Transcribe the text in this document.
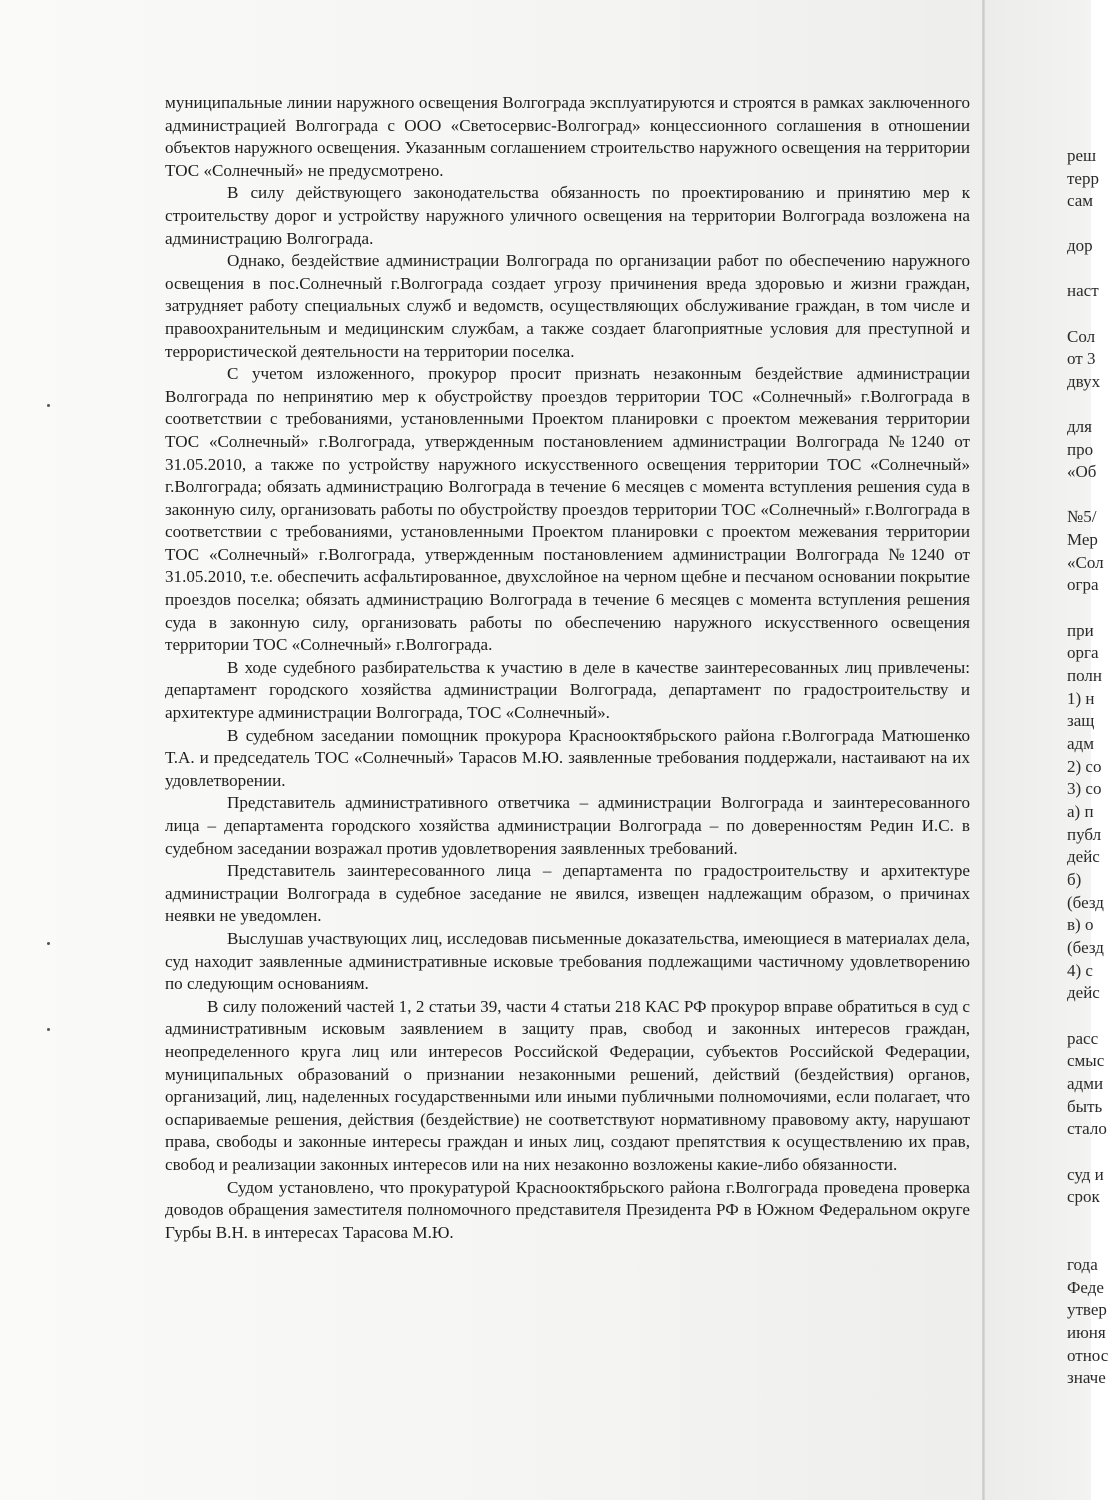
реш
терр
сам
дор
наст
Сол
от 3
двух
для
про
«Об
№5/
Мер
«Сол
огра
при
орга
полн
1) н
защ
адм
2) со
3) со
а) п
публ
дейс
б)
(безд
в) о
(безд
4) с
дейс
расс
смыс
адми
быть
стало
суд и
срок
года
Феде
утвер
июня
относ
значе

муниципальные линии наружного освещения Волгограда эксплуатируются и строятся в рамках заключенного администрацией Волгограда с ООО «Светосервис-Волгоград» концессионного соглашения в отношении объектов наружного освещения. Указанным соглашением строительство наружного освещения на территории ТОС «Солнечный» не предусмотрено.

В силу действующего законодательства обязанность по проектированию и принятию мер к строительству дорог и устройству наружного уличного освещения на территории Волгограда возложена на администрацию Волгограда.

Однако, бездействие администрации Волгограда по организации работ по обеспечению наружного освещения в пос.Солнечный г.Волгограда создает угрозу причинения вреда здоровью и жизни граждан, затрудняет работу специальных служб и ведомств, осуществляющих обслуживание граждан, в том числе и правоохранительным и медицинским службам, а также создает благоприятные условия для преступной и террористической деятельности на территории поселка.

С учетом изложенного, прокурор просит признать незаконным бездействие администрации Волгограда по непринятию мер к обустройству проездов территории ТОС «Солнечный» г.Волгограда в соответствии с требованиями, установленными Проектом планировки с проектом межевания территории ТОС «Солнечный» г.Волгограда, утвержденным постановлением администрации Волгограда №1240 от 31.05.2010, а также по устройству наружного искусственного освещения территории ТОС «Солнечный» г.Волгограда; обязать администрацию Волгограда в течение 6 месяцев с момента вступления решения суда в законную силу, организовать работы по обустройству проездов территории ТОС «Солнечный» г.Волгограда в соответствии с требованиями, установленными Проектом планировки с проектом межевания территории ТОС «Солнечный» г.Волгограда, утвержденным постановлением администрации Волгограда №1240 от 31.05.2010, т.е. обеспечить асфальтированное, двухслойное на черном щебне и песчаном основании покрытие проездов поселка; обязать администрацию Волгограда в течение 6 месяцев с момента вступления решения суда в законную силу, организовать работы по обеспечению наружного искусственного освещения территории ТОС «Солнечный» г.Волгограда.

В ходе судебного разбирательства к участию в деле в качестве заинтересованных лиц привлечены: департамент городского хозяйства администрации Волгограда, департамент по градостроительству и архитектуре администрации Волгограда, ТОС «Солнечный».

В судебном заседании помощник прокурора Краснооктябрьского района г.Волгограда Матюшенко Т.А. и председатель ТОС «Солнечный» Тарасов М.Ю. заявленные требования поддержали, настаивают на их удовлетворении.

Представитель административного ответчика – администрации Волгограда и заинтересованного лица – департамента городского хозяйства администрации Волгограда – по доверенностям Редин И.С. в судебном заседании возражал против удовлетворения заявленных требований.

Представитель заинтересованного лица – департамента по градостроительству и архитектуре администрации Волгограда в судебное заседание не явился, извещен надлежащим образом, о причинах неявки не уведомлен.

Выслушав участвующих лиц, исследовав письменные доказательства, имеющиеся в материалах дела, суд находит заявленные административные исковые требования подлежащими частичному удовлетворению по следующим основаниям.

В силу положений частей 1, 2 статьи 39, части 4 статьи 218 КАС РФ прокурор вправе обратиться в суд с административным исковым заявлением в защиту прав, свобод и законных интересов граждан, неопределенного круга лиц или интересов Российской Федерации, субъектов Российской Федерации, муниципальных образований о признании незаконными решений, действий (бездействия) органов, организаций, лиц, наделенных государственными или иными публичными полномочиями, если полагает, что оспариваемые решения, действия (бездействие) не соответствуют нормативному правовому акту, нарушают права, свободы и законные интересы граждан и иных лиц, создают препятствия к осуществлению их прав, свобод и реализации законных интересов или на них незаконно возложены какие-либо обязанности.

Судом установлено, что прокуратурой Краснооктябрьского района г.Волгограда проведена проверка доводов обращения заместителя полномочного представителя Президента РФ в Южном Федеральном округе Гурбы В.Н. в интересах Тарасова М.Ю.
